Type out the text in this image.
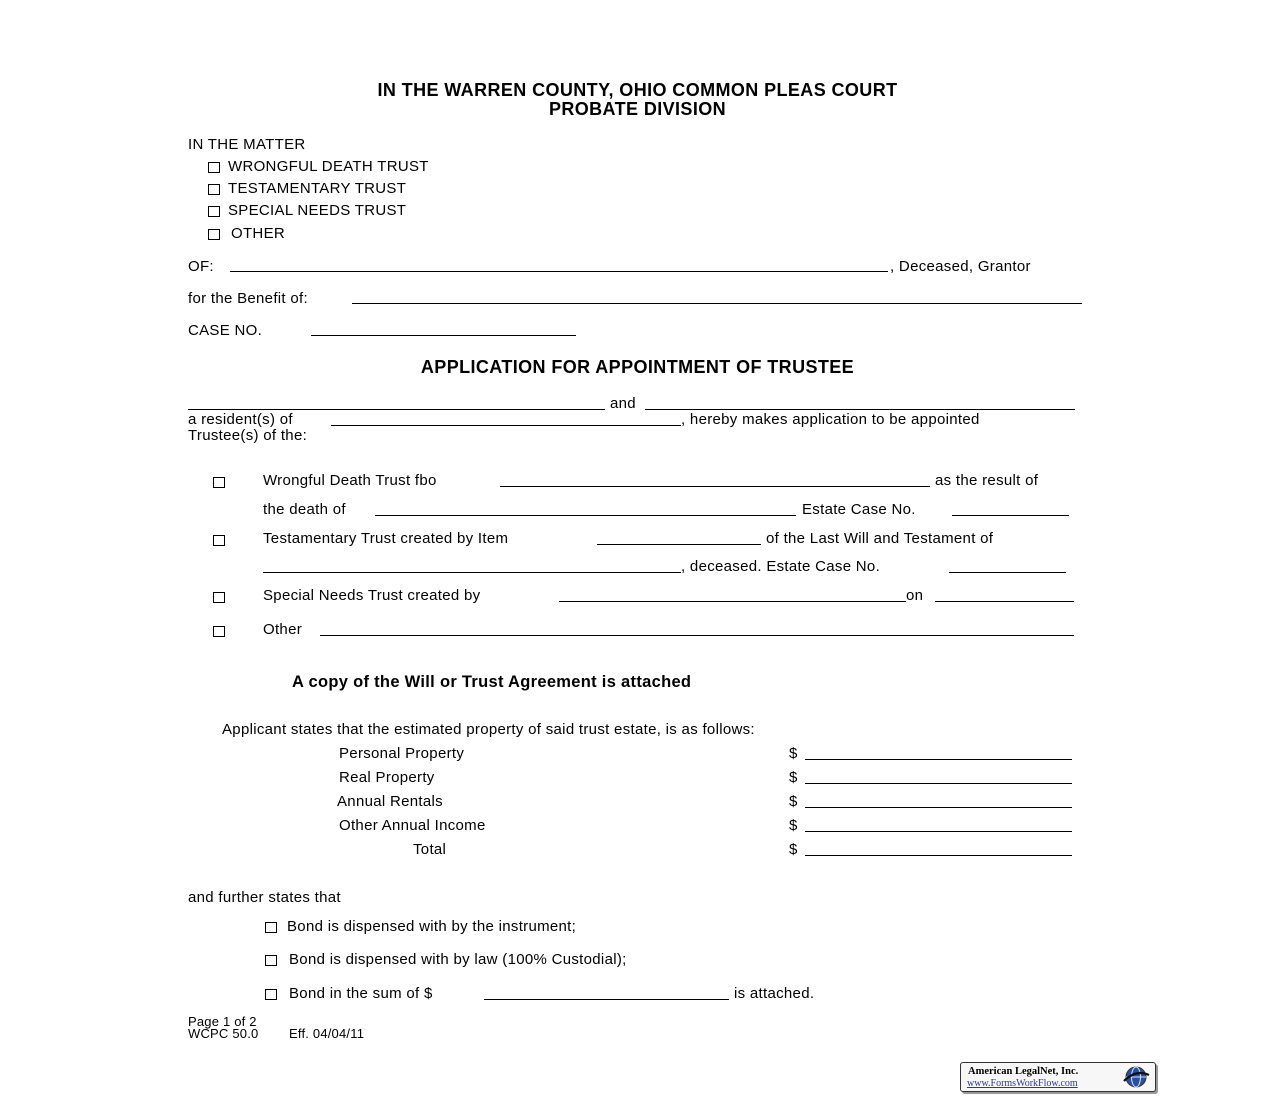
IN THE WARREN COUNTY, OHIO COMMON PLEAS COURT
PROBATE DIVISION
IN THE MATTER
WRONGFUL DEATH TRUST
TESTAMENTARY TRUST
SPECIAL NEEDS TRUST
OTHER
OF:	, Deceased, Grantor
for the Benefit of:
CASE NO.
APPLICATION FOR APPOINTMENT OF TRUSTEE
and
a resident(s) of	, hereby makes application to be appointed
Trustee(s) of the:
Wrongful Death Trust fbo	as the result of
the death of	Estate Case No.
Testamentary Trust created by Item	of the Last Will and Testament of
, deceased. Estate Case No.
Special Needs Trust created by	on
Other
A copy of the Will or Trust Agreement is attached
Applicant states that the estimated property of said trust estate, is as follows:
Personal Property	$
Real Property	$
Annual Rentals	$
Other Annual Income	$
Total	$
and further states that
Bond is dispensed with by the instrument;
Bond is dispensed with by law (100% Custodial);
Bond in the sum of $	is attached.
Page 1 of 2
WCPC 50.0 Eff. 04/04/11
American LegalNet, Inc.
www.FormsWorkFlow.com
